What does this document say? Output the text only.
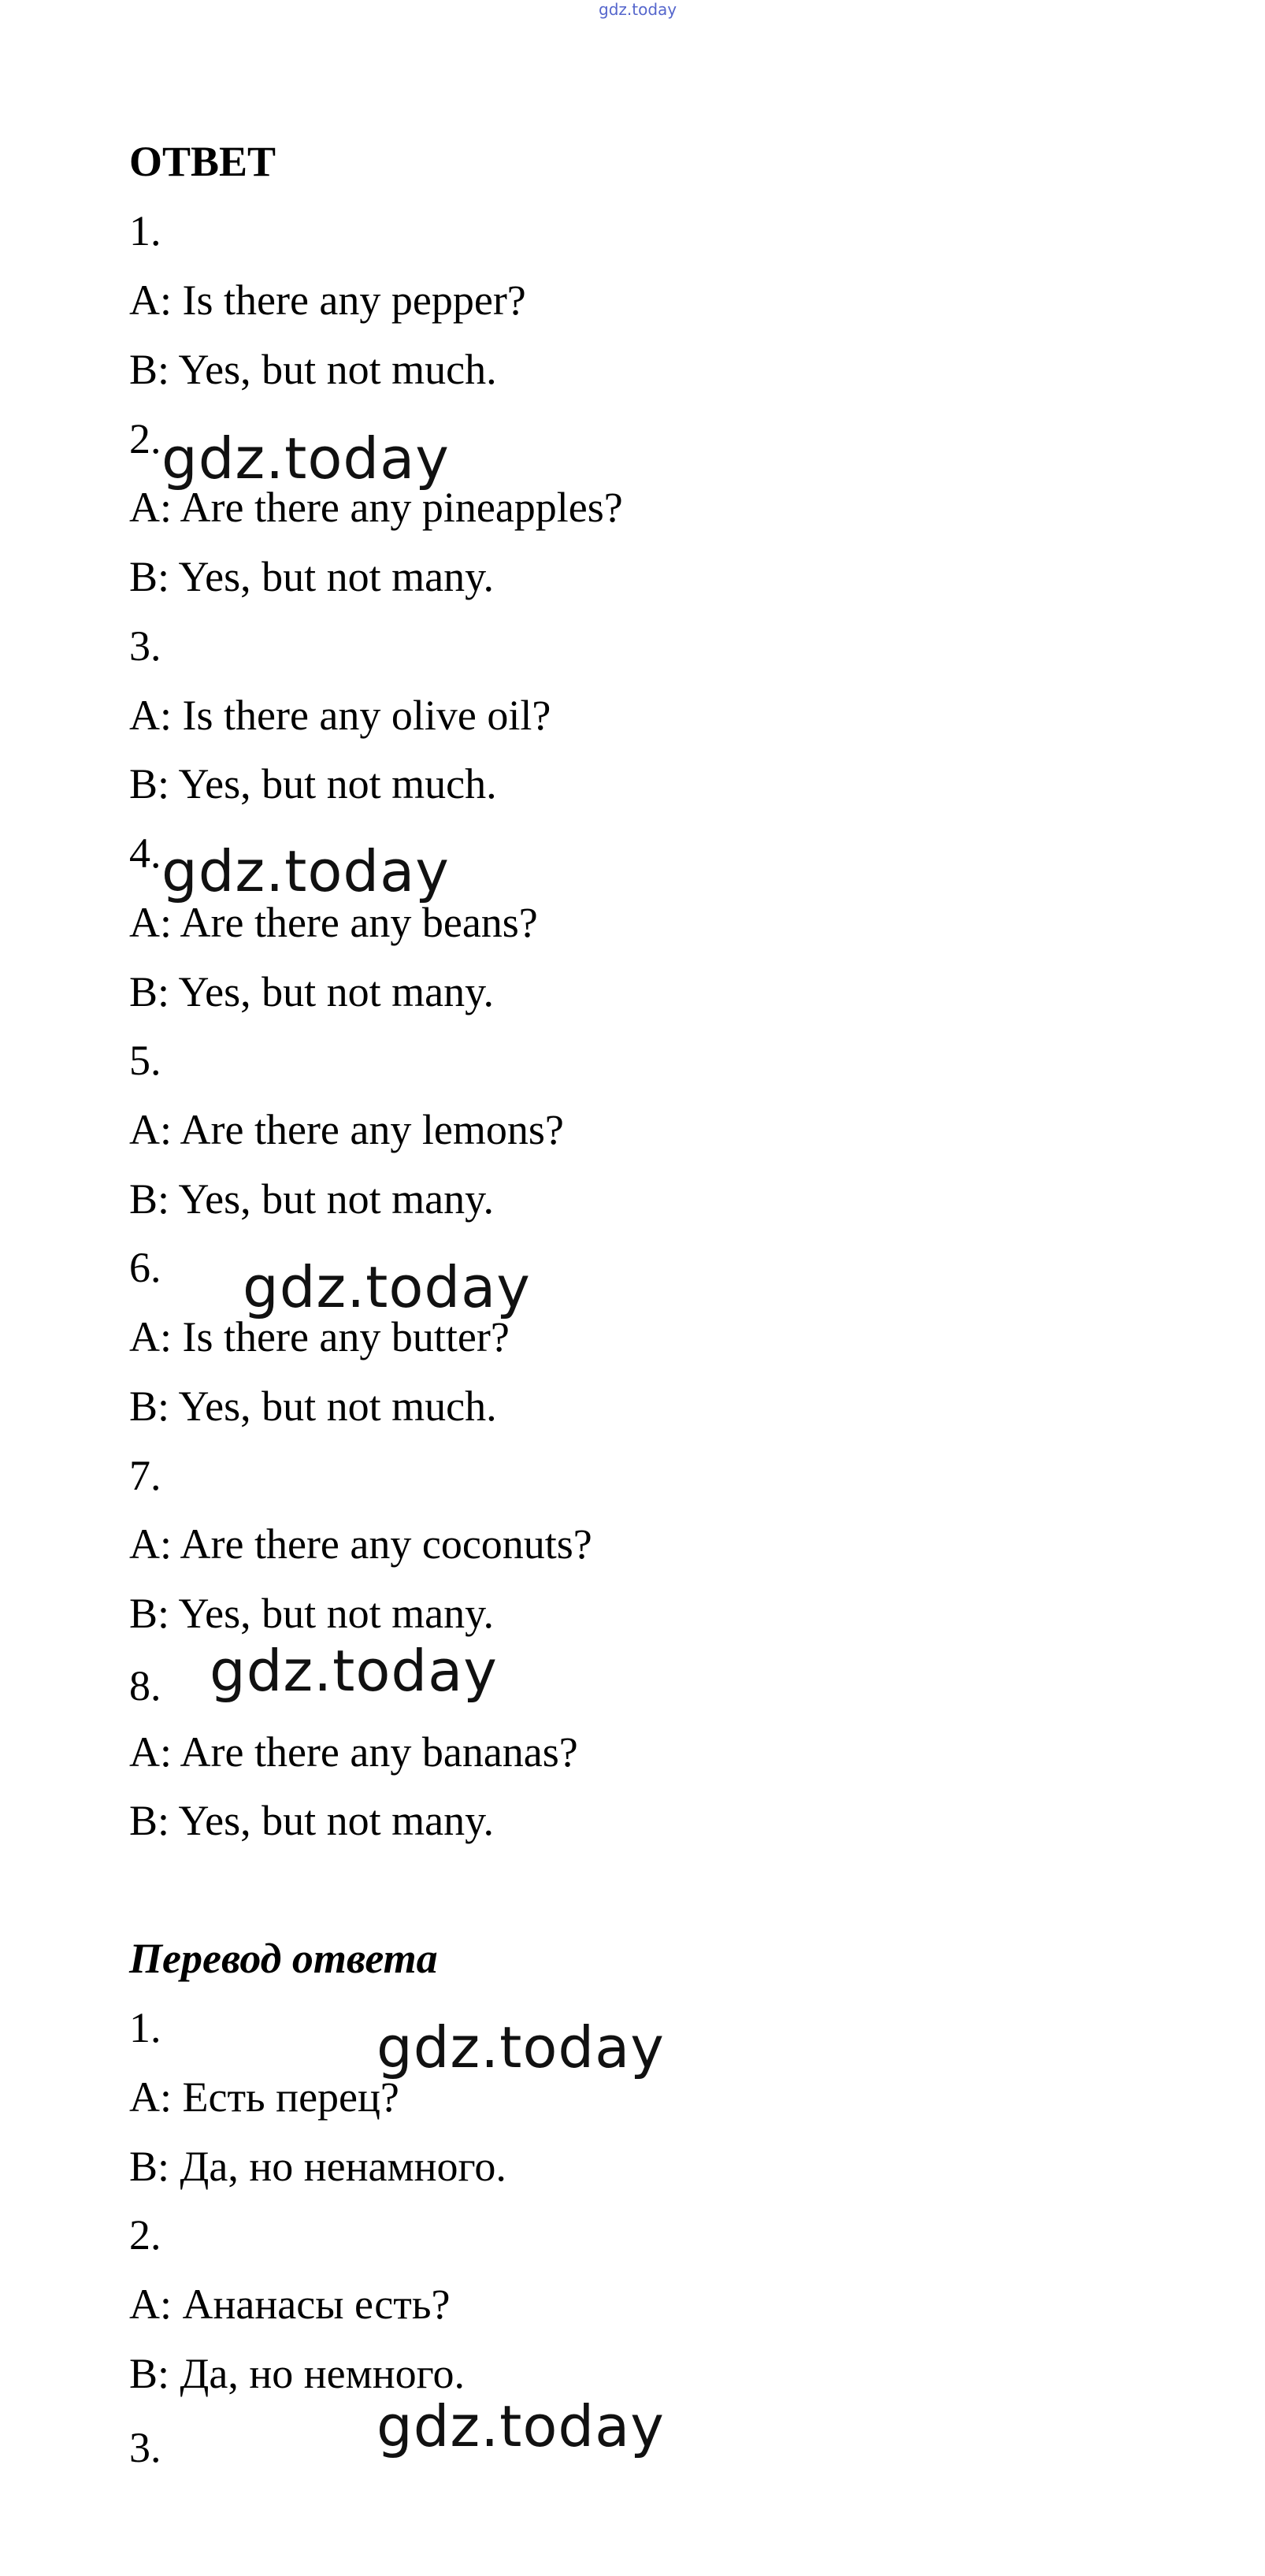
gdz.today
ОТВЕТ
1.
A: Is there any pepper?
B: Yes, but not much.
2.
A: Are there any pineapples?
B: Yes, but not many.
3.
A: Is there any olive oil?
B: Yes, but not much.
4.
A: Are there any beans?
B: Yes, but not many.
5.
A: Are there any lemons?
B: Yes, but not many.
6.
A: Is there any butter?
B: Yes, but not much.
7.
A: Are there any coconuts?
B: Yes, but not many.
8.
A: Are there any bananas?
B: Yes, but not many.
Перевод ответа
1.
A: Есть перец?
B: Да, но ненамного.
2.
A: Ананасы есть?
B: Да, но немного.
3.
gdz.today
gdz.today
gdz.today
gdz.today
gdz.today
gdz.today
